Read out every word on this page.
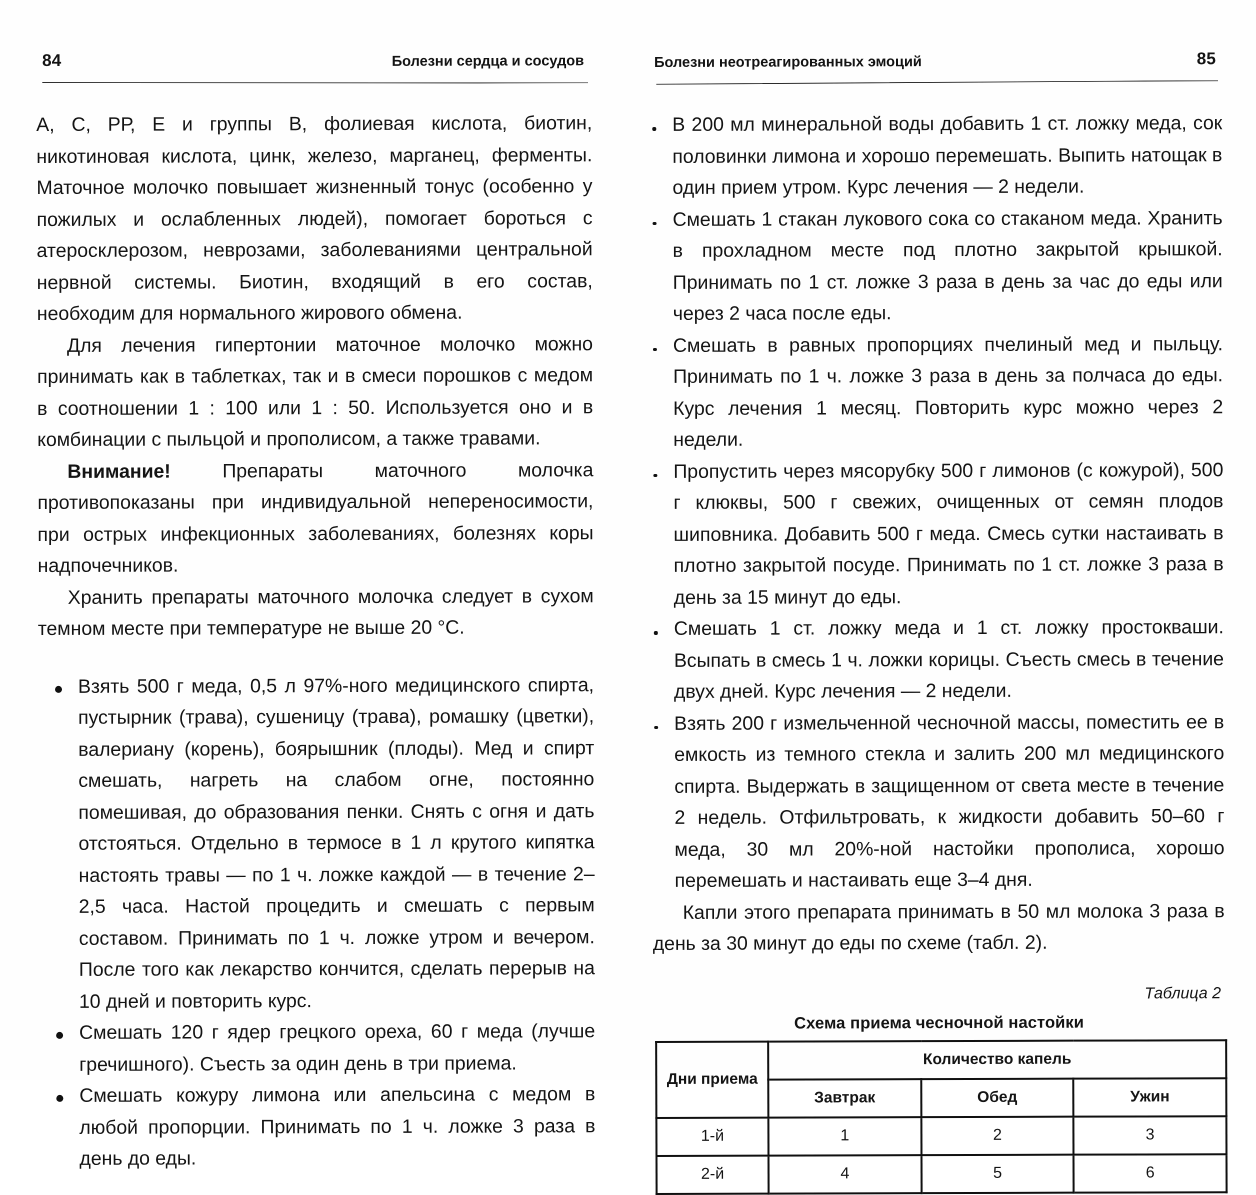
84	Болезни сердца и сосудов

А, С, РР, Е и группы В, фолиевая кислота, биотин, никотиновая кислота, цинк, железо, марганец, ферменты. Маточное молочко повышает жизненный тонус (особенно у пожилых и ослабленных людей), помогает бороться с атеросклерозом, неврозами, заболеваниями центральной нервной системы. Биотин, входящий в его состав, необходим для нормального жирового обмена.

Для лечения гипертонии маточное молочко можно принимать как в таблетках, так и в смеси порошков с медом в соотношении 1 : 100 или 1 : 50. Используется оно и в комбинации с пыльцой и прополисом, а также травами.

Внимание! Препараты маточного молочка противопоказаны при индивидуальной непереносимости, при острых инфекционных заболеваниях, болезнях коры надпочечников.

Хранить препараты маточного молочка следует в сухом темном месте при температуре не выше 20 °C.

Взять 500 г меда, 0,5 л 97%-ного медицинского спирта, пустырник (трава), сушеницу (трава), ромашку (цветки), валериану (корень), боярышник (плоды). Мед и спирт смешать, нагреть на слабом огне, постоянно помешивая, до образования пенки. Снять с огня и дать отстояться. Отдельно в термосе в 1 л крутого кипятка настоять травы — по 1 ч. ложке каждой — в течение 2–2,5 часа. Настой процедить и смешать с первым составом. Принимать по 1 ч. ложке утром и вечером. После того как лекарство кончится, сделать перерыв на 10 дней и повторить курс.
Смешать 120 г ядер грецкого ореха, 60 г меда (лучше гречишного). Съесть за один день в три приема.
Смешать кожуру лимона или апельсина с медом в любой пропорции. Принимать по 1 ч. ложке 3 раза в день до еды.
Болезни неотреагированных эмоций	85
В 200 мл минеральной воды добавить 1 ст. ложку меда, сок половинки лимона и хорошо перемешать. Выпить натощак в один прием утром. Курс лечения — 2 недели.
Смешать 1 стакан лукового сока со стаканом меда. Хранить в прохладном месте под плотно закрытой крышкой. Принимать по 1 ст. ложке 3 раза в день за час до еды или через 2 часа после еды.
Смешать в равных пропорциях пчелиный мед и пыльцу. Принимать по 1 ч. ложке 3 раза в день за полчаса до еды. Курс лечения 1 месяц. Повторить курс можно через 2 недели.
Пропустить через мясорубку 500 г лимонов (с кожурой), 500 г клюквы, 500 г свежих, очищенных от семян плодов шиповника. Добавить 500 г меда. Смесь сутки настаивать в плотно закрытой посуде. Принимать по 1 ст. ложке 3 раза в день за 15 минут до еды.
Смешать 1 ст. ложку меда и 1 ст. ложку простокваши. Всыпать в смесь 1 ч. ложки корицы. Съесть смесь в течение двух дней. Курс лечения — 2 недели.
Взять 200 г измельченной чесночной массы, поместить ее в емкость из темного стекла и залить 200 мл медицинского спирта. Выдержать в защищенном от света месте в течение 2 недель. Отфильтровать, к жидкости добавить 50–60 г меда, 30 мл 20%-ной настойки прополиса, хорошо перемешать и настаивать еще 3–4 дня.

Капли этого препарата принимать в 50 мл молока 3 раза в день за 30 минут до еды по схеме (табл. 2).

Таблица 2
Схема приема чесночной настойки
Дни приема	Количество капель		
	Завтрак	Обед	Ужин
1-й	1	2	3
2-й	4	5	6
